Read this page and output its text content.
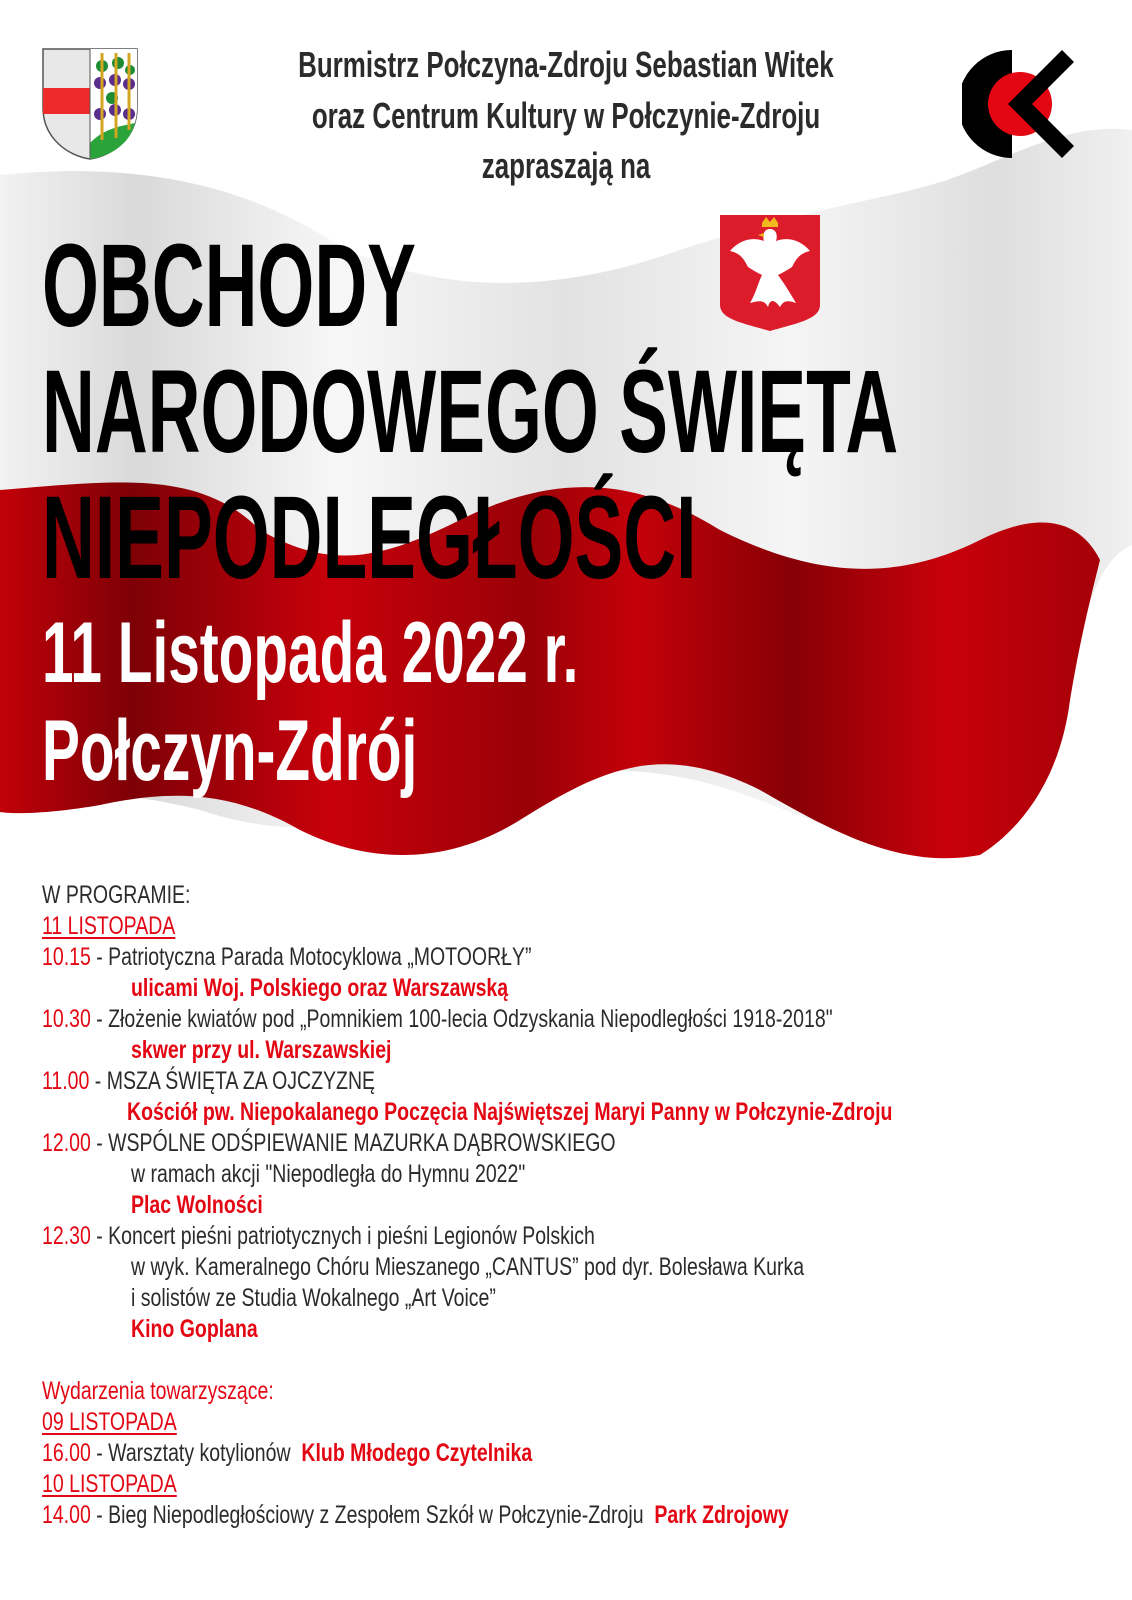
Burmistrz Połczyna-Zdroju Sebastian Witek
oraz Centrum Kultury w Połczynie-Zdroju
zapraszają na
OBCHODY
NARODOWEGO ŚWIĘTA
NIEPODLEGŁOŚCI
11 Listopada 2022 r.
Połczyn-Zdrój
W PROGRAMIE:
11 LISTOPADA
10.15 - Patriotyczna Parada Motocyklowa „MOTOORŁY”
ulicami Woj. Polskiego oraz Warszawską
10.30 - Złożenie kwiatów pod „Pomnikiem 100-lecia Odzyskania Niepodległości 1918-2018"
skwer przy ul. Warszawskiej
11.00 - MSZA ŚWIĘTA ZA OJCZYZNĘ
Kościół pw. Niepokalanego Poczęcia Najświętszej Maryi Panny w Połczynie-Zdroju
12.00 - WSPÓLNE ODŚPIEWANIE MAZURKA DĄBROWSKIEGO
w ramach akcji "Niepodległa do Hymnu 2022"
Plac Wolności
12.30 - Koncert pieśni patriotycznych i pieśni Legionów Polskich
w wyk. Kameralnego Chóru Mieszanego „CANTUS” pod dyr. Bolesława Kurka
i solistów ze Studia Wokalnego „Art Voice”
Kino Goplana
Wydarzenia towarzyszące:
09 LISTOPADA
16.00 - Warsztaty kotylionów Klub Młodego Czytelnika
10 LISTOPADA
14.00 - Bieg Niepodległościowy z Zespołem Szkół w Połczynie-Zdroju Park Zdrojowy
